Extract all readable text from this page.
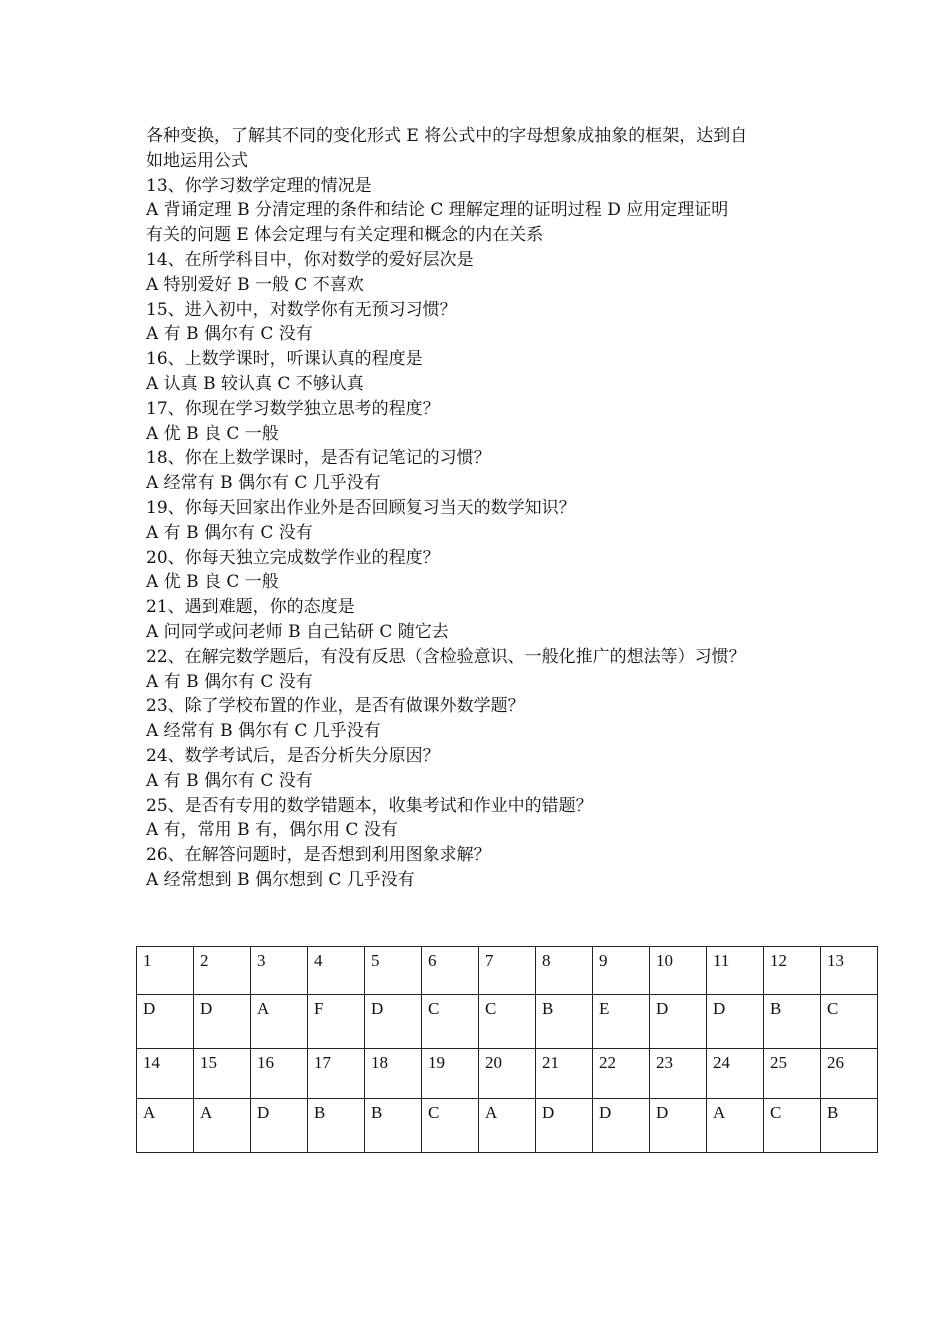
各种变换，了解其不同的变化形式 E 将公式中的字母想象成抽象的框架，达到自
如地运用公式
13、你学习数学定理的情况是
A 背诵定理 B 分清定理的条件和结论 C 理解定理的证明过程 D 应用定理证明
有关的问题 E 体会定理与有关定理和概念的内在关系
14、在所学科目中，你对数学的爱好层次是
A 特别爱好 B 一般 C 不喜欢
15、进入初中，对数学你有无预习习惯？
A 有 B 偶尔有 C 没有
16、上数学课时，听课认真的程度是
A 认真 B 较认真 C 不够认真
17、你现在学习数学独立思考的程度？
A 优 B 良 C 一般
18、你在上数学课时，是否有记笔记的习惯？
A 经常有 B 偶尔有 C 几乎没有
19、你每天回家出作业外是否回顾复习当天的数学知识？
A 有 B 偶尔有 C 没有
20、你每天独立完成数学作业的程度？
A 优 B 良 C 一般
21、遇到难题，你的态度是
A 问同学或问老师 B 自己钻研 C 随它去
22、在解完数学题后，有没有反思（含检验意识、一般化推广的想法等）习惯？
A 有 B 偶尔有 C 没有
23、除了学校布置的作业，是否有做课外数学题？
A 经常有 B 偶尔有 C 几乎没有
24、数学考试后，是否分析失分原因？
A 有 B 偶尔有 C 没有
25、是否有专用的数学错题本，收集考试和作业中的错题？
A 有，常用 B 有，偶尔用 C 没有
26、在解答问题时，是否想到利用图象求解？
A 经常想到 B 偶尔想到 C 几乎没有
1	2	3	4	5	6	7	8	9	10	11	12	13
D	D	A	F	D	C	C	B	E	D	D	B	C
14	15	16	17	18	19	20	21	22	23	24	25	26
A	A	D	B	B	C	A	D	D	D	A	C	B
